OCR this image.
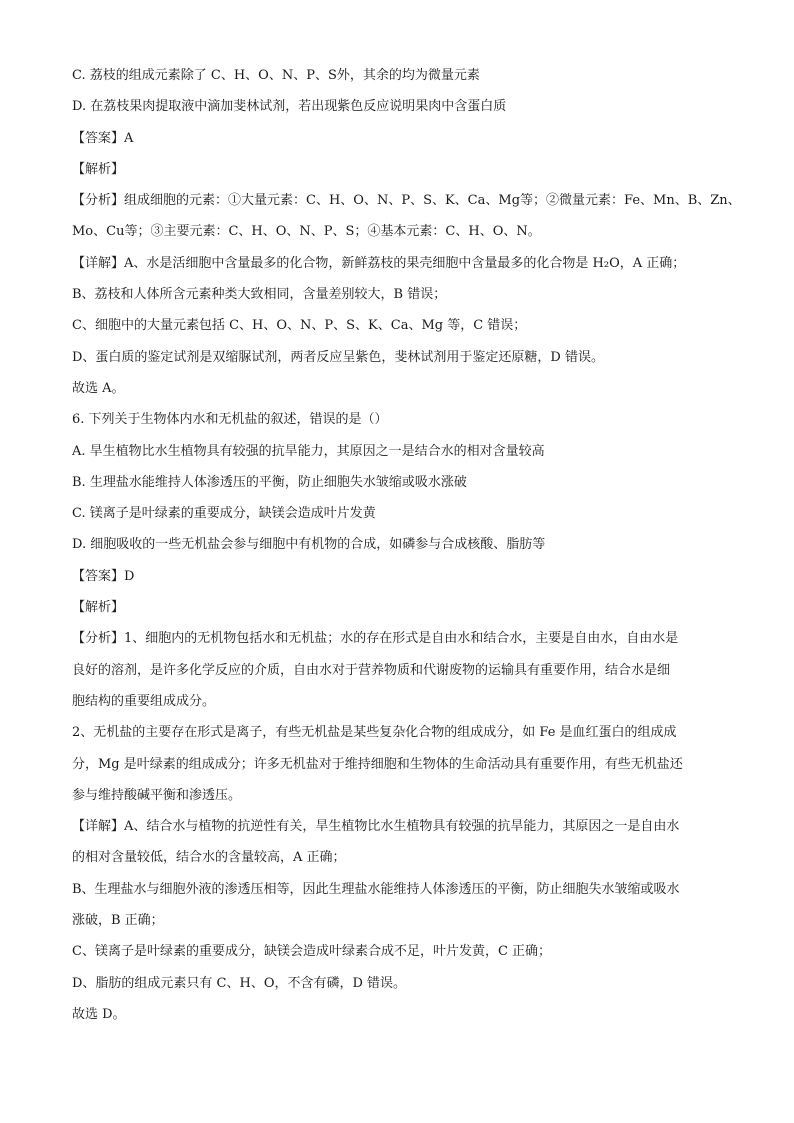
C. 荔枝的组成元素除了 C、H、O、N、P、S外，其余的均为微量元素
D. 在荔枝果肉提取液中滴加斐林试剂，若出现紫色反应说明果肉中含蛋白质
【答案】A
【解析】
【分析】组成细胞的元素：①大量元素：C、H、O、N、P、S、K、Ca、Mg等；②微量元素：Fe、Mn、B、Zn、
Mo、Cu等；③主要元素：C、H、O、N、P、S；④基本元素：C、H、O、N。
【详解】A、水是活细胞中含量最多的化合物，新鲜荔枝的果壳细胞中含量最多的化合物是 H₂O，A 正确；
B、荔枝和人体所含元素种类大致相同，含量差别较大，B 错误；
C、细胞中的大量元素包括 C、H、O、N、P、S、K、Ca、Mg 等，C 错误；
D、蛋白质的鉴定试剂是双缩脲试剂，两者反应呈紫色，斐林试剂用于鉴定还原糖，D 错误。
故选 A。
6. 下列关于生物体内水和无机盐的叙述，错误的是（）
A. 旱生植物比水生植物具有较强的抗旱能力，其原因之一是结合水的相对含量较高
B. 生理盐水能维持人体渗透压的平衡，防止细胞失水皱缩或吸水涨破
C. 镁离子是叶绿素的重要成分，缺镁会造成叶片发黄
D. 细胞吸收的一些无机盐会参与细胞中有机物的合成，如磷参与合成核酸、脂肪等
【答案】D
【解析】
【分析】1、细胞内的无机物包括水和无机盐；水的存在形式是自由水和结合水，主要是自由水，自由水是
良好的溶剂，是许多化学反应的介质，自由水对于营养物质和代谢废物的运输具有重要作用，结合水是细
胞结构的重要组成成分。
2、无机盐的主要存在形式是离子，有些无机盐是某些复杂化合物的组成成分，如 Fe 是血红蛋白的组成成
分，Mg 是叶绿素的组成成分；许多无机盐对于维持细胞和生物体的生命活动具有重要作用，有些无机盐还
参与维持酸碱平衡和渗透压。
【详解】A、结合水与植物的抗逆性有关，旱生植物比水生植物具有较强的抗旱能力，其原因之一是自由水
的相对含量较低，结合水的含量较高，A 正确；
B、生理盐水与细胞外液的渗透压相等，因此生理盐水能维持人体渗透压的平衡，防止细胞失水皱缩或吸水
涨破，B 正确；
C、镁离子是叶绿素的重要成分，缺镁会造成叶绿素合成不足，叶片发黄，C 正确；
D、脂肪的组成元素只有 C、H、O，不含有磷，D 错误。
故选 D。
